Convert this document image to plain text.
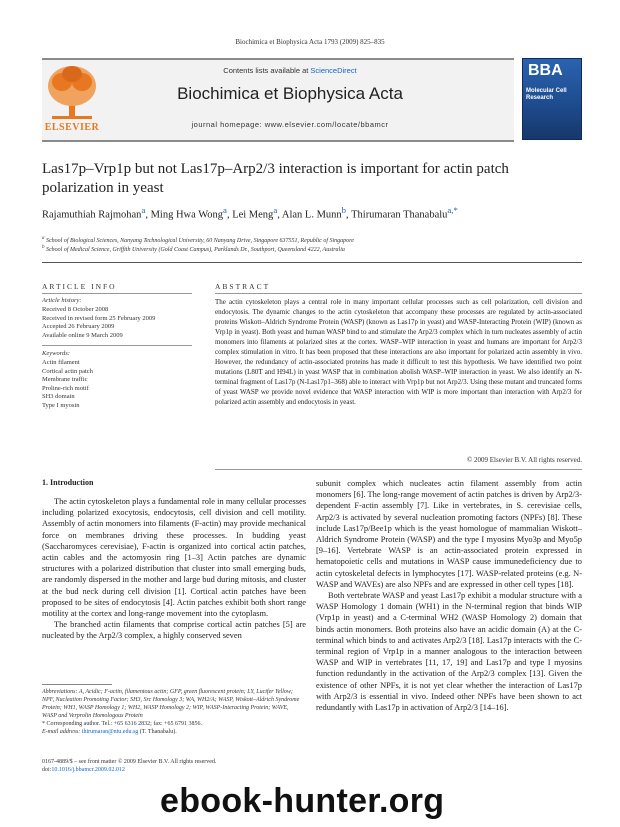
Biochimica et Biophysica Acta 1793 (2009) 825–835
ELSEVIER
Contents lists available at ScienceDirect
Biochimica et Biophysica Acta
journal homepage: www.elsevier.com/locate/bbamcr
BBA
Molecular Cell Research
Las17p–Vrp1p but not Las17p–Arp2/3 interaction is important for actin patch polarization in yeast
Rajamuthiah Rajmohan$^a$, Ming Hwa Wong$^a$, Lei Meng$^a$, Alan L. Munn$^b$, Thirumaran Thanabalu$^{a,*}$
$^a$ School of Biological Sciences, Nanyang Technological University, 60 Nanyang Drive, Singapore 637551, Republic of Singapore
$^b$ School of Medical Science, Griffith University (Gold Coast Campus), Parklands Dr., Southport, Queensland 4222, Australia
ARTICLE INFO
Article history:
Received 8 October 2008
Received in revised form 25 February 2009
Accepted 26 February 2009
Available online 9 March 2009
Keywords:
Actin filament
Cortical actin patch
Membrane traffic
Proline-rich motif
SH3 domain
Type I myosin
ABSTRACT
The actin cytoskeleton plays a central role in many important cellular processes such as cell polarization, cell division and endocytosis. The dynamic changes to the actin cytoskeleton that accompany these processes are regulated by actin-associated proteins Wiskott–Aldrich Syndrome Protein (WASP) (known as Las17p in yeast) and WASP-Interacting Protein (WIP) (known as Vrp1p in yeast). Both yeast and human WASP bind to and stimulate the Arp2/3 complex which in turn nucleates assembly of actin monomers into filaments at polarized sites at the cortex. WASP–WIP interaction in yeast and humans are important for Arp2/3 complex stimulation in vitro. It has been proposed that these interactions are also important for polarized actin assembly in vivo. However, the redundancy of actin-associated proteins has made it difficult to test this hypothesis. We have identified two point mutations (L80T and H94L) in yeast WASP that in combination abolish WASP–WIP interaction in yeast. We also identify an N-terminal fragment of Las17p (N-Las17p1–368) able to interact with Vrp1p but not Arp2/3. Using these mutant and truncated forms of yeast WASP we provide novel evidence that WASP interaction with WIP is more important than interaction with Arp2/3 for polarized actin assembly and endocytosis in yeast.
© 2009 Elsevier B.V. All rights reserved.
1. Introduction

The actin cytoskeleton plays a fundamental role in many cellular processes including polarized exocytosis, endocytosis, cell division and cell motility. Assembly of actin monomers into filaments (F-actin) may provide mechanical force on membranes driving these processes. In budding yeast (Saccharomyces cerevisiae), F-actin is organized into cortical actin patches, actin cables and the actomyosin ring [1–3] Actin patches are dynamic structures with a polarized distribution that cluster into small emerging buds, are randomly dispersed in the mother and large bud during mitosis, and cluster at the bud neck during cell division [1]. Cortical actin patches have been proposed to be sites of endocytosis [4]. Actin patches exhibit both short range motility at the cortex and long-range movement into the cytoplasm.

The branched actin filaments that comprise cortical actin patches [5] are nucleated by the Arp2/3 complex, a highly conserved seven

subunit complex which nucleates actin filament assembly from actin monomers [6]. The long-range movement of actin patches is driven by Arp2/3-dependent F-actin assembly [7]. Like in vertebrates, in S. cerevisiae cells, Arp2/3 is activated by several nucleation promoting factors (NPFs) [8]. These include Las17p/Bee1p which is the yeast homologue of mammalian Wiskott–Aldrich Syndrome Protein (WASP) and the type I myosins Myo3p and Myo5p [9–16]. Vertebrate WASP is an actin-associated protein expressed in hematopoietic cells and mutations in WASP cause immunedeficiency due to actin cytoskeletal defects in lymphocytes [17]. WASP-related proteins (e.g. N-WASP and WAVEs) are also NPFs and are expressed in other cell types [18].

Both vertebrate WASP and yeast Las17p exhibit a modular structure with a WASP Homology 1 domain (WH1) in the N-terminal region that binds WIP (Vrp1p in yeast) and a C-terminal WH2 (WASP Homology 2) domain that binds actin monomers. Both proteins also have an acidic domain (A) at the C-terminal which binds to and activates Arp2/3 [18]. Las17p interacts with the C-terminal region of Vrp1p in a manner analogous to the interaction between WASP and WIP in vertebrates [11, 17, 19] and Las17p and type I myosins function redundantly in the activation of the Arp2/3 complex [13]. Given the existence of other NPFs, it is not yet clear whether the interaction of Las17p with Arp2/3 is essential in vivo. Indeed other NPFs have been shown to act redundantly with Las17p in activation of Arp2/3 [14–16].

Abbreviations: A, Acidic; F-actin, filamentous actin; GFP, green fluorescent protein; LY, Lucifer Yellow; NPF, Nucleation Promoting Factor; SH3, Src Homology 3; WA, WH2/A; WASP, Wiskott–Aldrich Syndrome Protein; WH1, WASP Homology 1; WH2, WASP Homology 2; WIP, WASP-Interacting Protein; WAVE, WASP and Verprolin Homologous Protein
* Corresponding author. Tel.: +65 6316 2832; fax: +65 6791 3856.
E-mail address: thirumaran@ntu.edu.sg (T. Thanabalu).
0167-4889/$ – see front matter © 2009 Elsevier B.V. All rights reserved.
doi:10.1016/j.bbamcr.2009.02.012
ebook-hunter.org
